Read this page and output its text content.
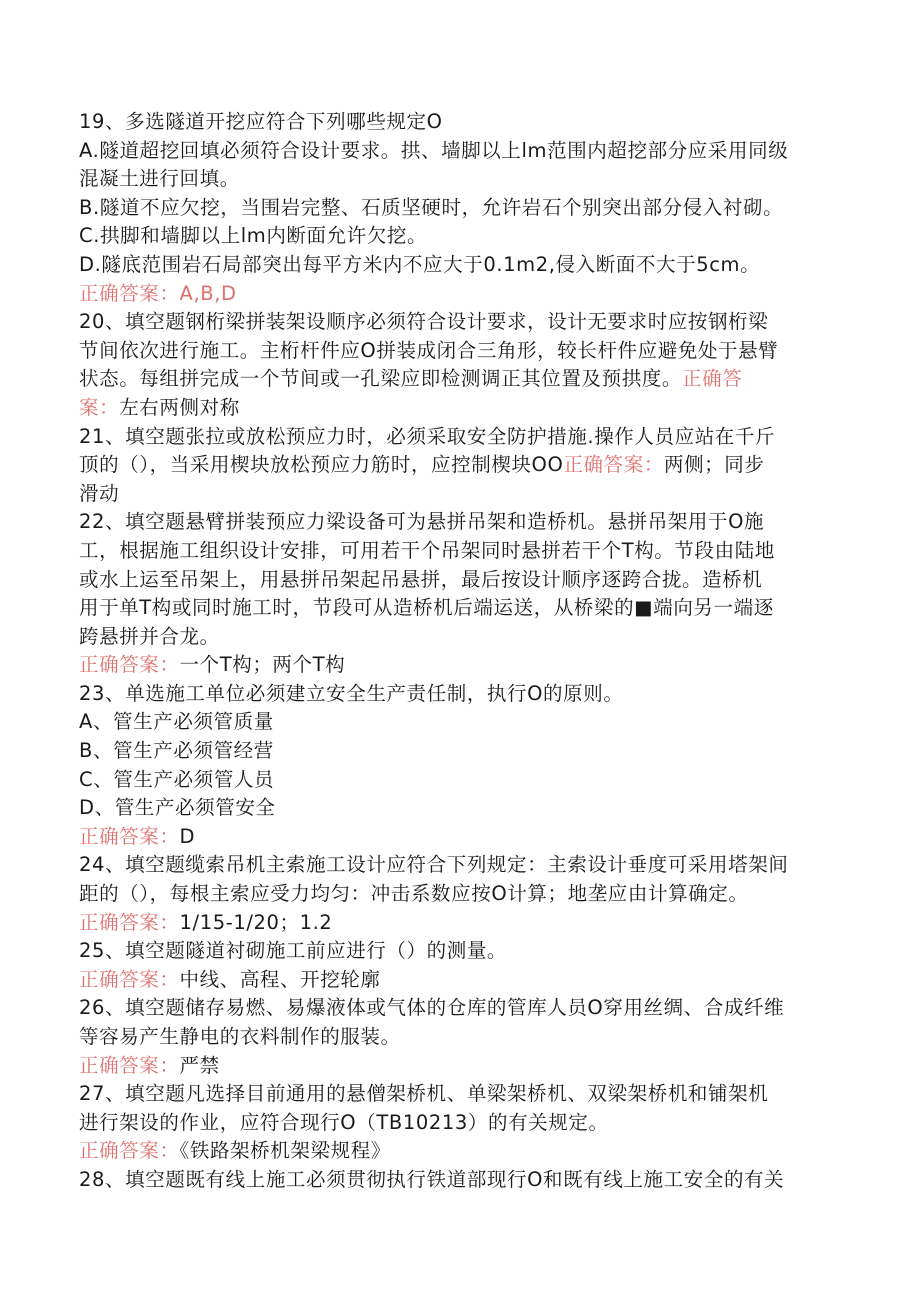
19、多选隧道开挖应符合下列哪些规定O
A.隧道超挖回填必须符合设计要求。拱、墙脚以上lm范围内超挖部分应采用同级
混凝土进行回填。
B.隧道不应欠挖，当围岩完整、石质坚硬时，允许岩石个别突出部分侵入衬砌。
C.拱脚和墙脚以上lm内断面允许欠挖。
D.隧底范围岩石局部突出每平方米内不应大于0.1m2,侵入断面不大于5cm。
正确答案：A,B,D
20、填空题钢桁梁拼装架设顺序必须符合设计要求，设计无要求时应按钢桁梁
节间依次进行施工。主桁杆件应O拼装成闭合三角形，较长杆件应避免处于悬臂
状态。每组拼完成一个节间或一孔梁应即检测调正其位置及预拱度。正确答
案：左右两侧对称
21、填空题张拉或放松预应力时，必须采取安全防护措施.操作人员应站在千斤
顶的（），当采用楔块放松预应力筋时，应控制楔块OO正确答案：两侧；同步
滑动
22、填空题悬臂拼装预应力梁设备可为悬拼吊架和造桥机。悬拼吊架用于O施
工，根据施工组织设计安排，可用若干个吊架同时悬拼若干个T构。节段由陆地
或水上运至吊架上，用悬拼吊架起吊悬拼，最后按设计顺序逐跨合拢。造桥机
用于单T构或同时施工时，节段可从造桥机后端运送，从桥梁的■端向另一端逐
跨悬拼并合龙。
正确答案：一个T构；两个T构
23、单选施工单位必须建立安全生产责任制，执行O的原则。
A、管生产必须管质量
B、管生产必须管经营
C、管生产必须管人员
D、管生产必须管安全
正确答案：D
24、填空题缆索吊机主索施工设计应符合下列规定：主索设计垂度可采用塔架间
距的（），每根主索应受力均匀：冲击系数应按O计算；地垄应由计算确定。
正确答案：1/15-1/20；1.2
25、填空题隧道衬砌施工前应进行（）的测量。
正确答案：中线、高程、开挖轮廓
26、填空题储存易燃、易爆液体或气体的仓库的管库人员O穿用丝绸、合成纤维
等容易产生静电的衣料制作的服装。
正确答案：严禁
27、填空题凡选择目前通用的悬僧架桥机、单梁架桥机、双梁架桥机和铺架机
进行架设的作业，应符合现行O（TB10213）的有关规定。
正确答案：《铁路架桥机架梁规程》
28、填空题既有线上施工必须贯彻执行铁道部现行O和既有线上施工安全的有关
